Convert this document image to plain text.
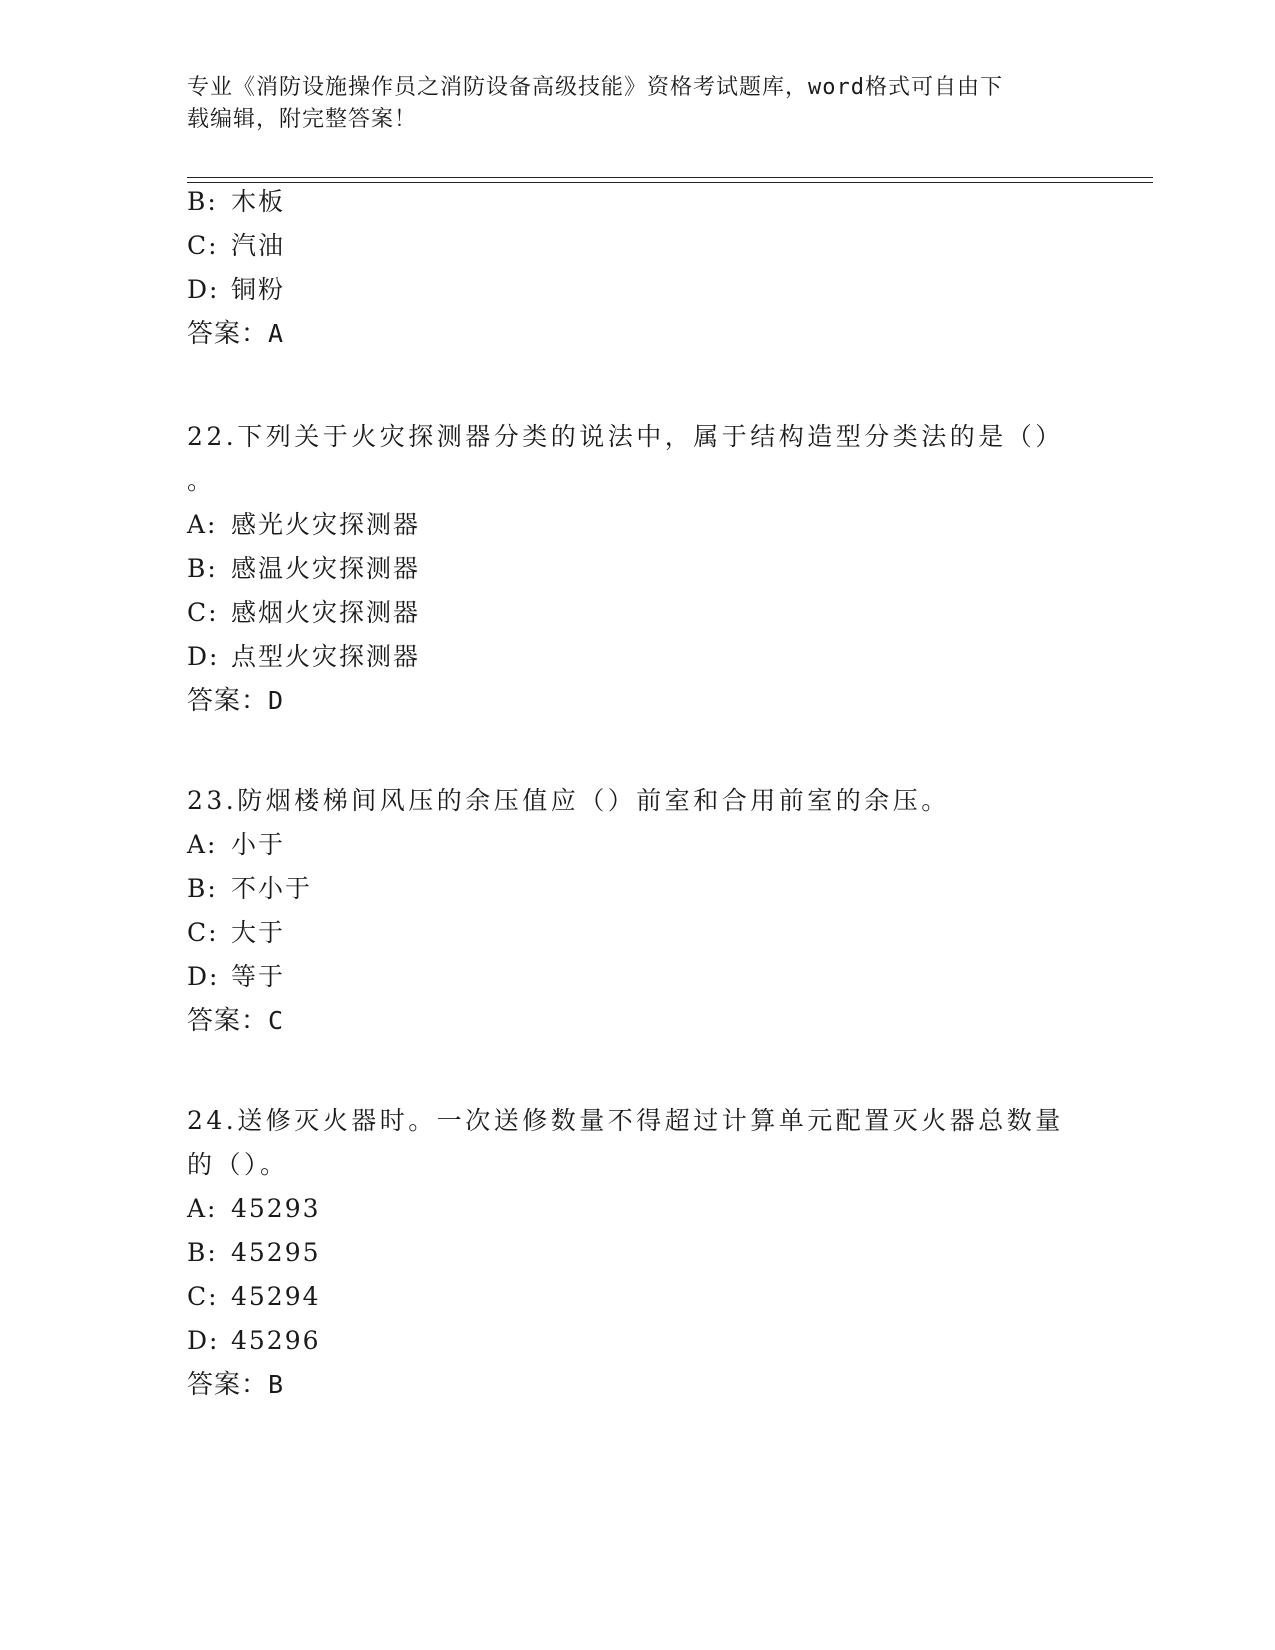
专业《消防设施操作员之消防设备高级技能》资格考试题库，word格式可自由下
载编辑，附完整答案！
B: 木板
C: 汽油
D: 铜粉
答案：A
22.下列关于火灾探测器分类的说法中，属于结构造型分类法的是（）
。
A: 感光火灾探测器
B: 感温火灾探测器
C: 感烟火灾探测器
D: 点型火灾探测器
答案：D
23.防烟楼梯间风压的余压值应（）前室和合用前室的余压。
A: 小于
B: 不小于
C: 大于
D: 等于
答案：C
24.送修灭火器时。一次送修数量不得超过计算单元配置灭火器总数量
的（）。
A: 45293
B: 45295
C: 45294
D: 45296
答案：B
